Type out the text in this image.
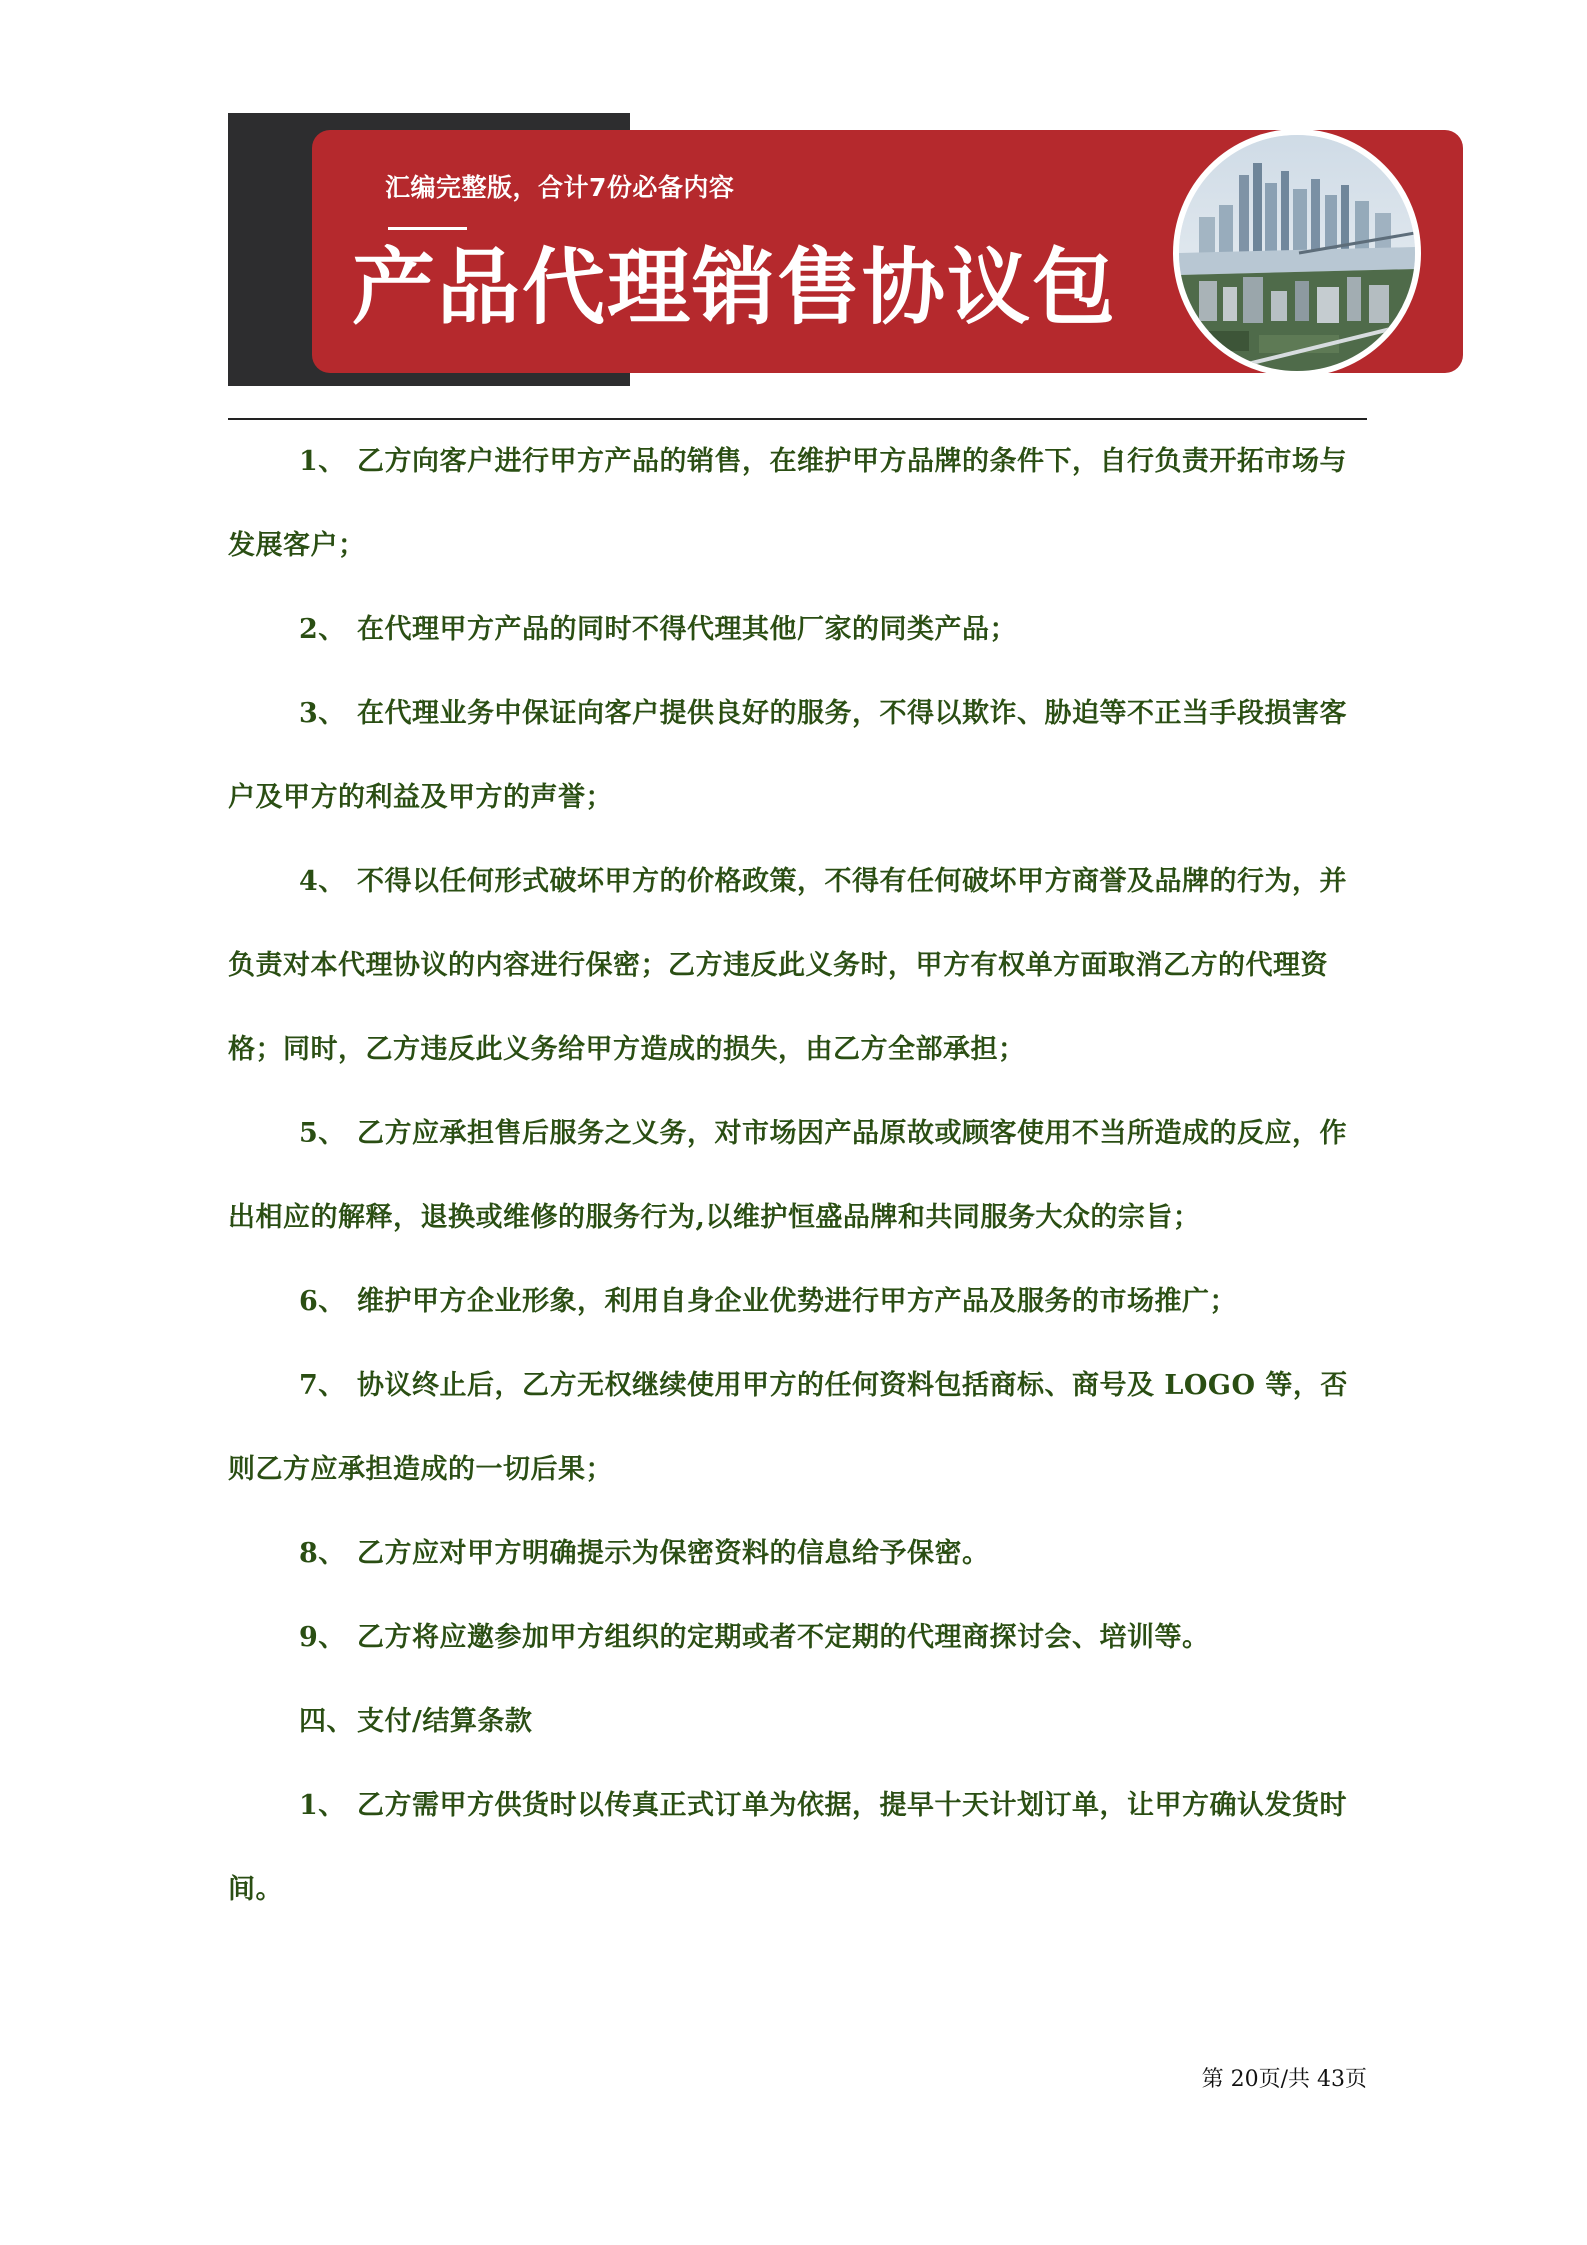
汇编完整版，合计7份必备内容
产品代理销售协议包

1、 乙方向客户进行甲方产品的销售，在维护甲方品牌的条件下，自行负责开拓市场与发展客户；

2、 在代理甲方产品的同时不得代理其他厂家的同类产品；

3、 在代理业务中保证向客户提供良好的服务，不得以欺诈、胁迫等不正当手段损害客户及甲方的利益及甲方的声誉；

4、 不得以任何形式破坏甲方的价格政策，不得有任何破坏甲方商誉及品牌的行为，并负责对本代理协议的内容进行保密；乙方违反此义务时，甲方有权单方面取消乙方的代理资格；同时，乙方违反此义务给甲方造成的损失，由乙方全部承担；

5、 乙方应承担售后服务之义务，对市场因产品原故或顾客使用不当所造成的反应，作出相应的解释，退换或维修的服务行为,以维护恒盛品牌和共同服务大众的宗旨；

6、 维护甲方企业形象，利用自身企业优势进行甲方产品及服务的市场推广；

7、 协议终止后，乙方无权继续使用甲方的任何资料包括商标、商号及 LOGO 等，否则乙方应承担造成的一切后果；

8、 乙方应对甲方明确提示为保密资料的信息给予保密。

9、 乙方将应邀参加甲方组织的定期或者不定期的代理商探讨会、培训等。

四、 支付/结算条款

1、 乙方需甲方供货时以传真正式订单为依据，提早十天计划订单，让甲方确认发货时间。

第 20页/共 43页
